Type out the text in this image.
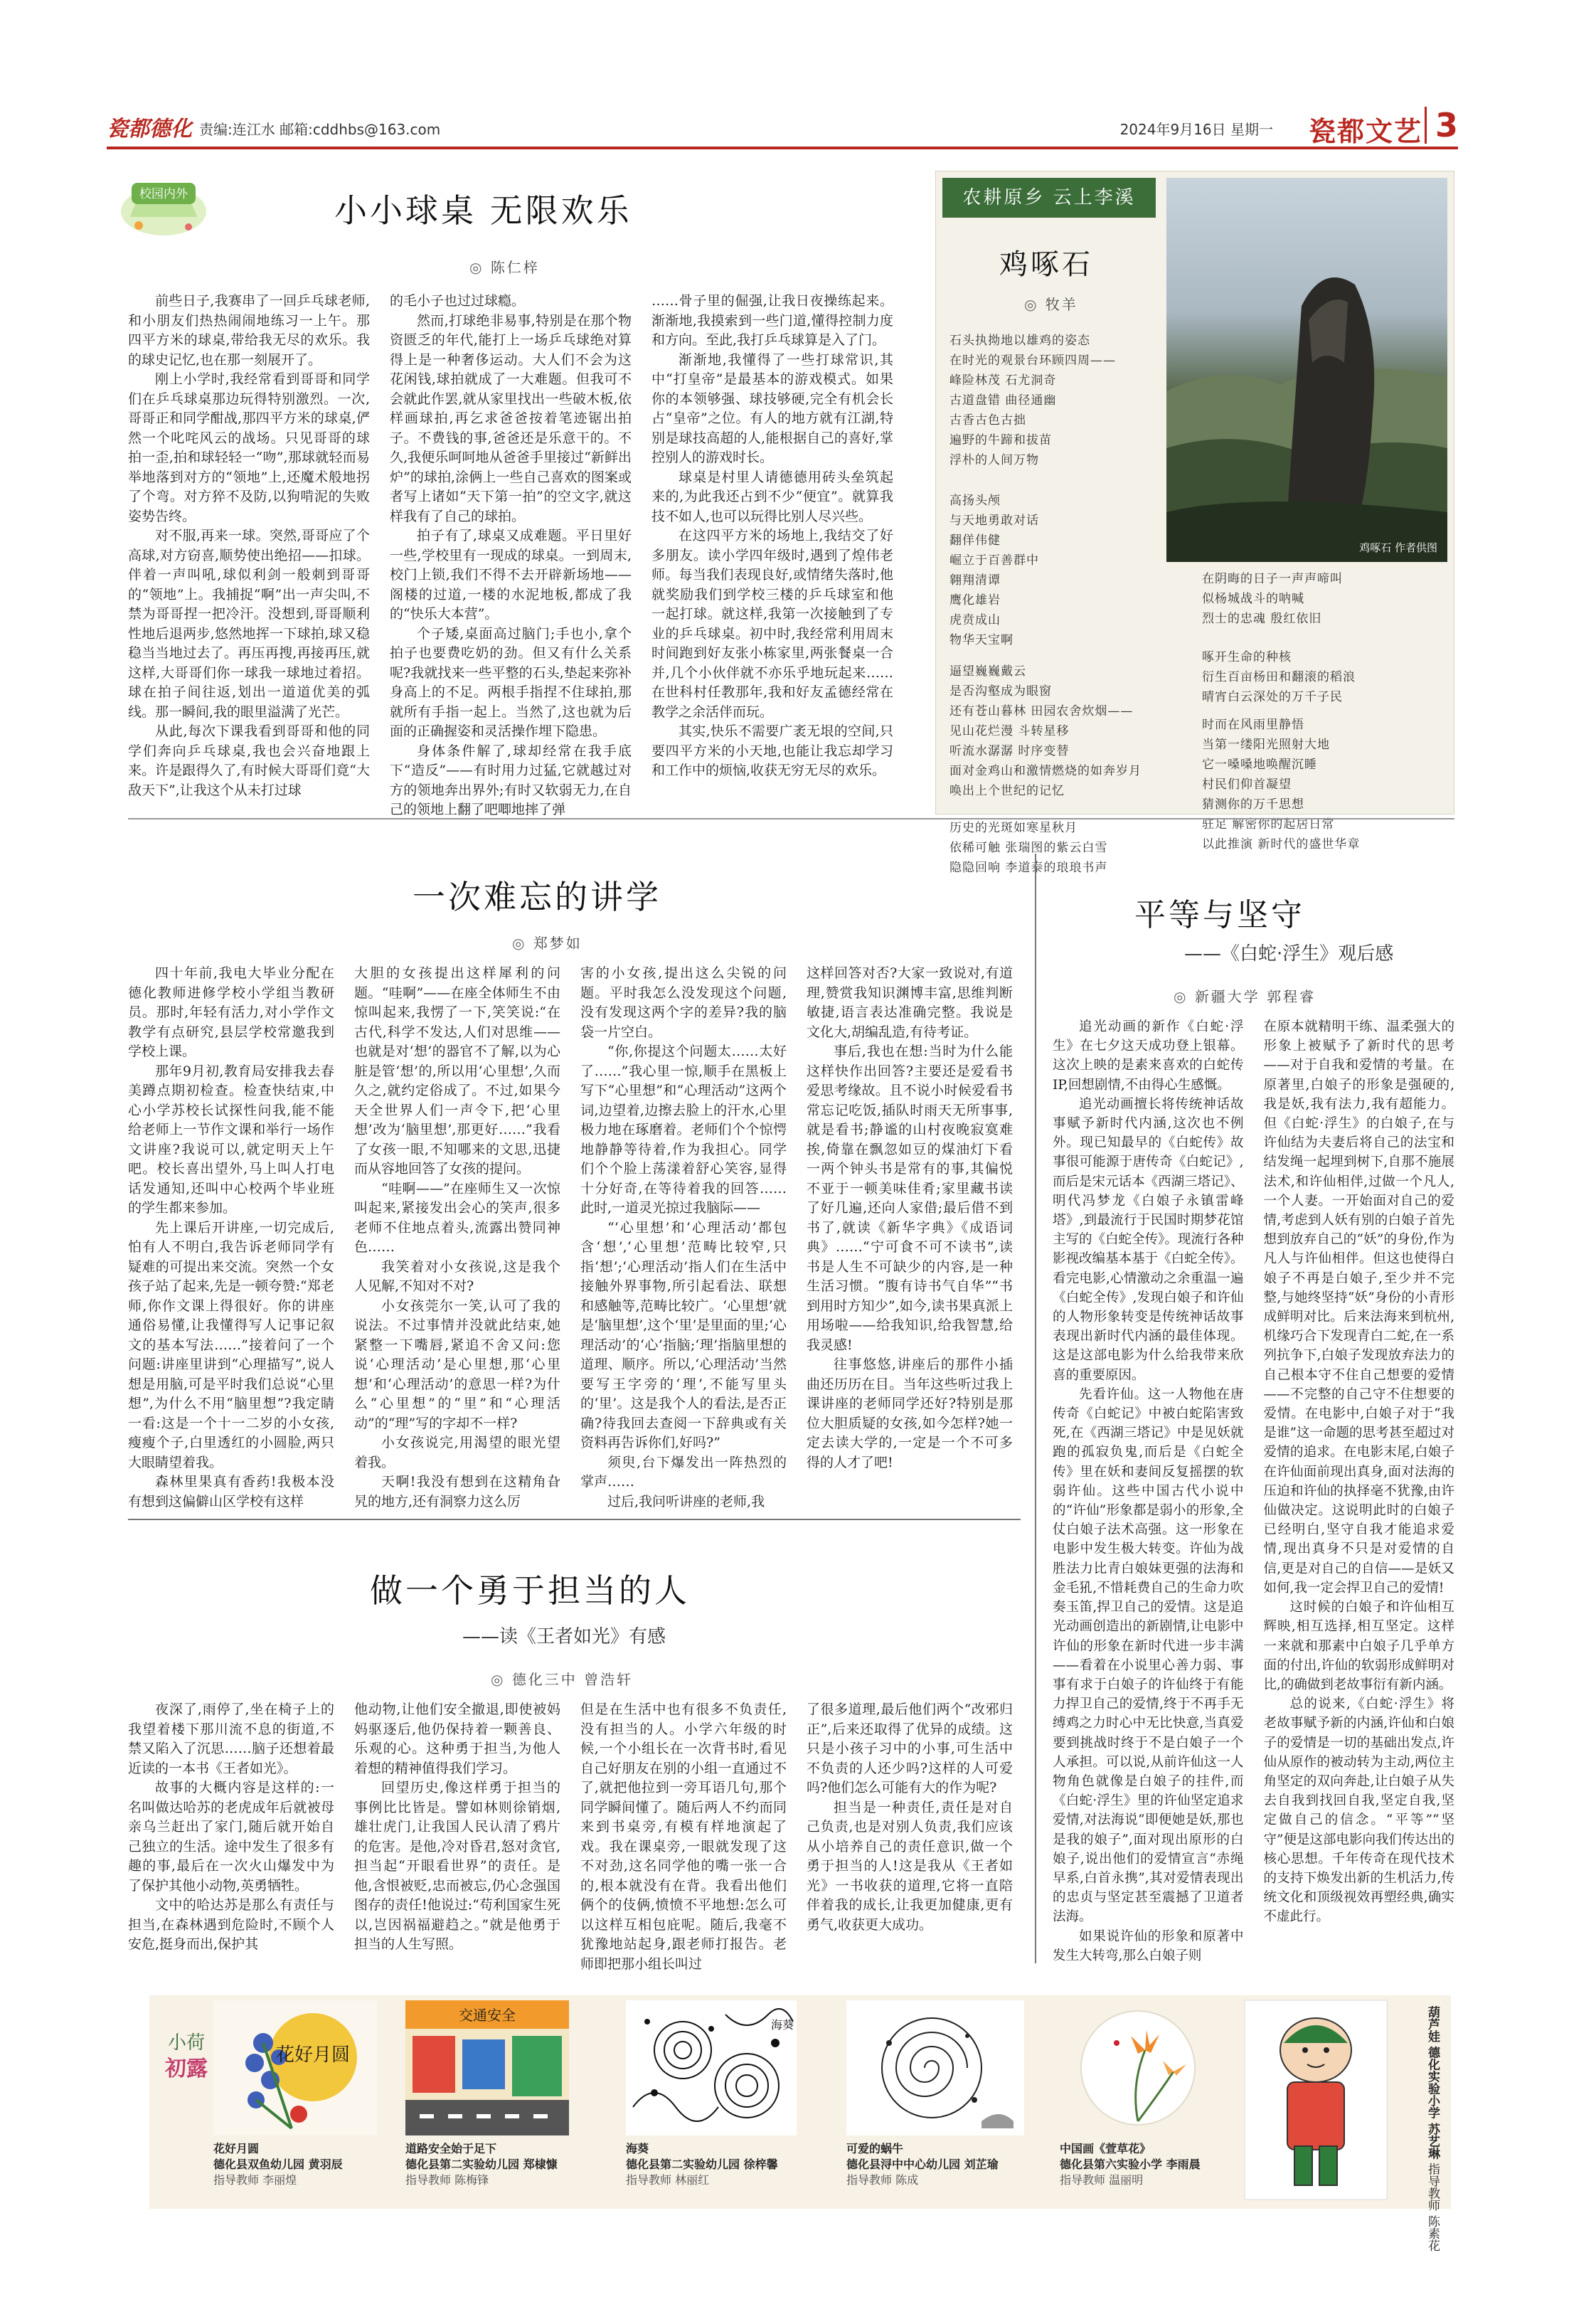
瓷都德化 责编:连江水 邮箱:cddhbs@163.com	2024年9月16日 星期一 瓷都文艺 3
校园内外	小小球桌 无限欢乐
◎ 陈仁梓

前些日子,我赛串了一回乒乓球老师,和小朋友们热热闹闹地练习一上午。那四平方米的球桌,带给我无尽的欢乐。我的球史记忆,也在那一刻展开了。

刚上小学时,我经常看到哥哥和同学们在乒乓球桌那边玩得特别激烈。一次,哥哥正和同学酣战,那四平方米的球桌,俨然一个叱咤风云的战场。只见哥哥的球拍一歪,拍和球轻轻一“吻”,那球就轻而易举地落到对方的“领地”上,还魔术般地拐了个弯。对方猝不及防,以狗啃泥的失败姿势告终。

对不服,再来一球。突然,哥哥应了个高球,对方窃喜,顺势使出绝招——扣球。伴着一声叫吼,球似利剑一般刺到哥哥的“领地”上。我捕捉“啊”出一声尖叫,不禁为哥哥捏一把冷汗。没想到,哥哥顺利性地后退两步,悠然地挥一下球拍,球又稳稳当当地过去了。再压再搜,再接再压,就这样,大哥哥们你一球我一球地过着招。球在拍子间往返,划出一道道优美的弧线。那一瞬间,我的眼里溢满了光芒。

从此,每次下课我看到哥哥和他的同学们奔向乒乓球桌,我也会兴奋地跟上来。许是跟得久了,有时候大哥哥们竟“大敌天下”,让我这个从未打过球

的毛小子也过过球瘾。

然而,打球绝非易事,特别是在那个物资匮乏的年代,能打上一场乒乓球绝对算得上是一种奢侈运动。大人们不会为这花闲钱,球拍就成了一大难题。但我可不会就此作罢,就从家里找出一些破木板,依样画球拍,再乞求爸爸按着笔迹锯出拍子。不费钱的事,爸爸还是乐意干的。不久,我便乐呵呵地从爸爸手里接过“新鲜出炉”的球拍,涂俩上一些自己喜欢的图案或者写上诸如“天下第一拍”的空文字,就这样我有了自己的球拍。

拍子有了,球桌又成难题。平日里好一些,学校里有一现成的球桌。一到周末,校门上锁,我们不得不去开辟新场地——阁楼的过道,一楼的水泥地板,都成了我的“快乐大本营”。

个子矮,桌面高过脑门;手也小,拿个拍子也要费吃奶的劲。但又有什么关系呢?我就找来一些平整的石头,垫起来弥补身高上的不足。两根手指捏不住球拍,那就所有手指一起上。当然了,这也就为后面的正确握姿和灵活操作埋下隐患。

身体条件解了,球却经常在我手底下“造反”——有时用力过猛,它就越过对方的领地奔出界外;有时又软弱无力,在自己的领地上翻了吧唧地摔了弹

……骨子里的倔强,让我日夜操练起来。渐渐地,我摸索到一些门道,懂得控制力度和方向。至此,我打乒乓球算是入了门。

渐渐地,我懂得了一些打球常识,其中“打皇帝”是最基本的游戏模式。如果你的本领够强、球技够硬,完全有机会长占“皇帝”之位。有人的地方就有江湖,特别是球技高超的人,能根据自己的喜好,掌控别人的游戏时长。

球桌是村里人请德德用砖头垒筑起来的,为此我还占到不少“便宜”。就算我技不如人,也可以玩得比别人尽兴些。

在这四平方米的场地上,我结交了好多朋友。读小学四年级时,遇到了煌伟老师。每当我们表现良好,或情绪失落时,他就奖励我们到学校三楼的乒乓球室和他一起打球。就这样,我第一次接触到了专业的乒乓球桌。初中时,我经常利用周末时间跑到好友张小栋家里,两张餐桌一合并,几个小伙伴就不亦乐乎地玩起来……在世科村任教那年,我和好友孟德经常在教学之余活伴而玩。

其实,快乐不需要广袤无垠的空间,只要四平方米的小天地,也能让我忘却学习和工作中的烦恼,收获无穷无尽的欢乐。

农耕原乡 云上李溪
鸡啄石 作者供图
鸡啄石
◎ 牧羊
石头执拗地以雄鸡的姿态
在时光的观景台环顾四周——
峰险林茂 石尤洞奇
古道盘错 曲径通幽
古香古色古拙
遍野的牛蹄和拔苗
浮朴的人间万物
高扬头颅
与天地勇敢对话
翻佯伟健
崛立于百善群中
翱翔清谭
鹰化雄岩
虎贲成山
物华天宝啊
逼望巍巍戴云
是否沟壑成为眼窗
还有苍山暮林 田园农舍炊烟——
见山花烂漫 斗转星移
听流水潺潺 时序变替
面对金鸡山和激情燃烧的如奔岁月
唤出上个世纪的记忆
历史的光斑如寒星秋月
依稀可触 张瑞图的紫云白雪
隐隐回响 李道泰的琅琅书声
在阴晦的日子一声声啼叫
似杨城战斗的呐喊
烈士的忠魂 殷红依旧
啄开生命的种核
衍生百亩杨田和翻滚的稻浪
晴宵白云深处的万千子民
时而在风雨里静悟
当第一缕阳光照射大地
它一嗓嗓地唤醒沉睡
村民们仰首凝望
猜测你的万千思想
驻足 解密你的起居日常
以此推演 新时代的盛世华章
一次难忘的讲学
◎ 郑梦如

四十年前,我电大毕业分配在德化教师进修学校小学组当教研员。那时,年轻有活力,对小学作文教学有点研究,县层学校常邀我到学校上课。

那年9月初,教育局安排我去春美蹲点期初检查。检查快结束,中心小学苏校长试探性问我,能不能给老师上一节作文课和举行一场作文讲座?我说可以,就定明天上午吧。校长喜出望外,马上叫人打电话发通知,还叫中心校两个毕业班的学生都来参加。

先上课后开讲座,一切完成后,怕有人不明白,我告诉老师同学有疑难的可提出来交流。突然一个女孩子站了起来,先是一顿夸赞:“郑老师,你作文课上得很好。你的讲座通俗易懂,让我懂得写人记事记叙文的基本写法……”接着问了一个问题:讲座里讲到“心理描写”,说人想是用脑,可是平时我们总说“心里想”,为什么不用“脑里想”?我定睛一看:这是一个十一二岁的小女孩,瘦瘦个子,白里透红的小圆脸,两只大眼睛望着我。

森林里果真有香药!我极本没有想到这偏僻山区学校有这样

大胆的女孩提出这样犀利的问题。“哇啊”——在座全体师生不由惊叫起来,我愣了一下,笑笑说:“在古代,科学不发达,人们对思维——也就是对‘想’的器官不了解,以为心脏是管‘想’的,所以用‘心里想’,久而久之,就约定俗成了。不过,如果今天全世界人们一声令下,把‘心里想’改为‘脑里想’,那更好……”我看了女孩一眼,不知哪来的文思,迅捷而从容地回答了女孩的提问。

“哇啊——”在座师生又一次惊叫起来,紧接发出会心的笑声,很多老师不住地点着头,流露出赞同神色……

我笑着对小女孩说,这是我个人见解,不知对不对?

小女孩莞尔一笑,认可了我的说法。不过事情并没就此结束,她紧整一下嘴唇,紧追不舍又问:您说‘心理活动’是心里想,那‘心里想’和‘心理活动’的意思一样?为什么“心里想”的“里”和“心理活动”的“理”写的字却不一样?

小女孩说完,用渴望的眼光望着我。

天啊!我没有想到在这精角旮旯的地方,还有洞察力这么厉

害的小女孩,提出这么尖锐的问题。平时我怎么没发现这个问题,没有发现这两个字的差异?我的脑袋一片空白。

“你,你提这个问题太……太好了……”我心里一惊,顺手在黑板上写下“心里想”和“心理活动”这两个词,边望着,边擦去脸上的汗水,心里极力地在琢磨着。老师们个个惊愕地静静等待着,作为我担心。同学们个个脸上荡漾着舒心笑容,显得十分好奇,在等待着我的回答……此时,一道灵光掠过我脑际——

“‘心里想’和‘心理活动’都包含‘想’,‘心里想’范畴比较窄,只指‘想’;‘心理活动’指人们在生活中接触外界事物,所引起看法、联想和感触等,范畴比较广。‘心里想’就是‘脑里想’,这个‘里’是里面的里;‘心理活动’的‘心’指脑;‘理’指脑里想的道理、顺序。所以,‘心理活动’当然要写王字旁的‘理’,不能写里头的‘里’。这是我个人的看法,是否正确?待我回去查阅一下辞典或有关资料再告诉你们,好吗?”

须臾,台下爆发出一阵热烈的掌声……

过后,我问听讲座的老师,我

这样回答对否?大家一致说对,有道理,赞赏我知识渊博丰富,思维判断敏捷,语言表达准确完整。我说是文化大,胡编乱造,有待考证。

事后,我也在想:当时为什么能这样快作出回答?主要还是爱看书爱思考缘故。且不说小时候爱看书常忘记吃饭,插队时雨天无所事事,就是看书;静谧的山村夜晚寂寞难挨,倚靠在飘忽如豆的煤油灯下看一两个钟头书是常有的事,其偏悦不亚于一顿美味佳肴;家里藏书读了好几遍,还向人家借;最后借不到书了,就读《新华字典》《成语词典》……“宁可食不可不读书”,读书是人生不可缺少的内容,是一种生活习惯。“腹有诗书气自华”“书到用时方知少”,如今,读书果真派上用场啦——给我知识,给我智慧,给我灵感!

往事悠悠,讲座后的那件小插曲还历历在目。当年这些听过我上课讲座的老师同学还好?特别是那位大胆质疑的女孩,如今怎样?她一定去读大学的,一定是一个不可多得的人才了吧!

平等与坚守
——《白蛇·浮生》观后感
◎ 新疆大学 郭程睿

追光动画的新作《白蛇·浮生》在七夕这天成功登上银幕。这次上映的是素来喜欢的白蛇传IP,回想剧情,不由得心生感慨。

追光动画擅长将传统神话故事赋予新时代内涵,这次也不例外。现已知最早的《白蛇传》故事很可能源于唐传奇《白蛇记》,而后是宋元话本《西湖三塔记》、明代冯梦龙《白娘子永镇雷峰塔》,到最流行于民国时期梦花馆主写的《白蛇全传》。现流行各种影视改编基本基于《白蛇全传》。看完电影,心情激动之余重温一遍《白蛇全传》,发现白娘子和许仙的人物形象转变是传统神话故事表现出新时代内涵的最佳体现。这是这部电影为什么给我带来欣喜的重要原因。

先看许仙。这一人物他在唐传奇《白蛇记》中被白蛇陷害致死,在《西湖三塔记》中是见妖就跑的孤寂负鬼,而后是《白蛇全传》里在妖和妻间反复摇摆的软弱许仙。这些中国古代小说中的“许仙”形象都是弱小的形象,全仗白娘子法术高强。这一形象在电影中发生极大转变。许仙为战胜法力比青白娘妹更强的法海和金毛犼,不惜耗费自己的生命力吹奏玉笛,捍卫自己的爱情。这是追光动画创造出的新剧情,让电影中许仙的形象在新时代进一步丰满——看着在小说里心善力弱、事事有求于白娘子的许仙终于有能力捍卫自己的爱情,终于不再手无缚鸡之力时心中无比快意,当真爱要到挑战时终于不是白娘子一个人承担。可以说,从前许仙这一人物角色就像是白娘子的挂件,而《白蛇·浮生》里的许仙坚定追求爱情,对法海说“即便她是妖,那也是我的娘子”,面对现出原形的白娘子,说出他们的爱情宣言“赤绳早系,白首永携”,其对爱情表现出的忠贞与坚定甚至震撼了卫道者法海。

如果说许仙的形象和原著中发生大转弯,那么白娘子则

在原本就精明干练、温柔强大的形象上被赋予了新时代的思考——对于自我和爱情的考量。在原著里,白娘子的形象是强硬的,我是妖,我有法力,我有超能力。但《白蛇·浮生》的白娘子,在与许仙结为夫妻后将自己的法宝和结发绳一起埋到树下,自那不施展法术,和许仙相伴,过做一个凡人,一个人妻。一开始面对自己的爱情,考虑到人妖有别的白娘子首先想到放弃自己的“妖”的身份,作为凡人与许仙相伴。但这也使得白娘子不再是白娘子,至少并不完整,与她终坚持“妖”身份的小青形成鲜明对比。后来法海来到杭州,机缘巧合下发现青白二蛇,在一系列抗争下,白娘子发现放弃法力的自己根本守不住自己想要的爱情——不完整的自己守不住想要的爱情。在电影中,白娘子对于“我是谁”这一命题的思考甚至超过对爱情的追求。在电影末尾,白娘子在许仙面前现出真身,面对法海的压迫和许仙的执择毫不犹豫,由许仙做决定。这说明此时的白娘子已经明白,坚守自我才能追求爱情,现出真身不只是对爱情的自信,更是对自己的自信——是妖又如何,我一定会捍卫自己的爱情!

这时候的白娘子和许仙相互辉映,相互选择,相互坚定。这样一来就和那素中白娘子几乎单方面的付出,许仙的软弱形成鲜明对比,的确做到老故事衍有新内涵。

总的说来,《白蛇·浮生》将老故事赋予新的内涵,许仙和白娘子的爱情是一切的基础出发点,许仙从原作的被动转为主动,两位主角坚定的双向奔赴,让白娘子从失去自我到找回自我,坚定自我,坚定做自己的信念。“平等”“坚守”便是这部电影向我们传达出的核心思想。千年传奇在现代技术的支持下焕发出新的生机活力,传统文化和顶级视效再塑经典,确实不虚此行。

做一个勇于担当的人
——读《王者如光》有感
◎ 德化三中 曾浩轩

夜深了,雨停了,坐在椅子上的我望着楼下那川流不息的街道,不禁又陷入了沉思……脑子还想着最近读的一本书《王者如光》。

故事的大概内容是这样的:一名叫做达哈苏的老虎成年后就被母亲乌兰赶出了家门,随后就开始自己独立的生活。途中发生了很多有趣的事,最后在一次火山爆发中为了保护其他小动物,英勇牺牲。

文中的哈达苏是那么有责任与担当,在森林遇到危险时,不顾个人安危,挺身而出,保护其

他动物,让他们安全撤退,即使被妈妈驱逐后,他仍保持着一颗善良、乐观的心。这种勇于担当,为他人着想的精神值得我们学习。

回望历史,像这样勇于担当的事例比比皆是。譬如林则徐销烟,雄壮虎门,让我国人民认清了鸦片的危害。是他,冷对昏君,怒对贪官,担当起“开眼看世界”的责任。是他,含恨被贬,忠而被忘,仍心念强国图存的责任!他说过:“苟利国家生死以,岂因祸福避趋之。”就是他勇于担当的人生写照。

但是在生活中也有很多不负责任,没有担当的人。小学六年级的时候,一个小组长在一次背书时,看见自己好朋友在别的小组一直通过不了,就把他拉到一旁耳语几句,那个同学瞬间懂了。随后两人不约而同来到书桌旁,有模有样地演起了戏。我在课桌旁,一眼就发现了这不对劲,这名同学他的嘴一张一合的,根本就没有在背。我看出他们俩个的伎俩,愤愤不平地想:怎么可以这样互相包庇呢。随后,我毫不犹豫地站起身,跟老师打报告。老师即把那小组长叫过

了很多道理,最后他们两个“改邪归正”,后来还取得了优异的成绩。这只是小孩子习中的小事,可生活中不负责的人还少吗?这样的人可爱吗?他们怎么可能有大的作为呢?

担当是一种责任,责任是对自己负责,也是对别人负责,我们应该从小培养自己的责任意识,做一个勇于担当的人!这是我从《王者如光》一书收获的道理,它将一直陪伴着我的成长,让我更加健康,更有勇气,收获更大成功。

小荷
初露
花好月圆
花好月圆
德化县双鱼幼儿园 黄羽辰
指导教师 李丽煌
交通安全
道路安全始于足下
德化县第二实验幼儿园 郑棣慷
指导教师 陈梅锋
海葵
海葵
德化县第二实验幼儿园 徐梓馨
指导教师 林丽红
可爱的蜗牛
德化县浔中中心幼儿园 刘芷瑜
指导教师 陈成
中国画《萱草花》
德化县第六实验小学 李雨晨
指导教师 温丽明
葫芦娃 德化实验小学 苏艺琳 指导教师 陈素花
